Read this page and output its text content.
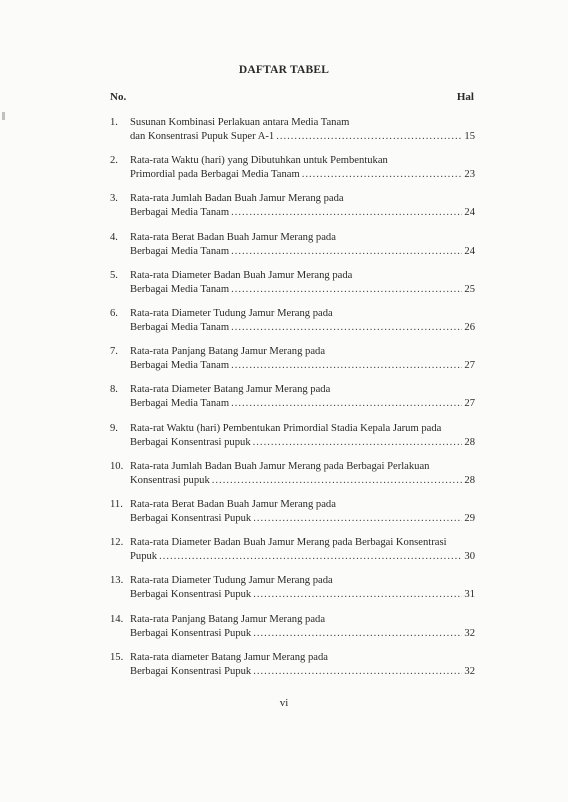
DAFTAR TABEL
No.	Hal
1.	Susunan Kombinasi Perlakuan antara Media Tanam
dan Konsentrasi Pupuk Super A-1 .....	15
2.	Rata-rata Waktu (hari) yang Dibutuhkan untuk Pembentukan
Primordial pada Berbagai Media Tanam .....	23
3.	Rata-rata Jumlah Badan Buah Jamur Merang pada
Berbagai Media Tanam .....	24
4.	Rata-rata Berat Badan Buah Jamur Merang pada
Berbagai Media Tanam .....	24
5.	Rata-rata Diameter Badan Buah Jamur Merang pada
Berbagai Media Tanam .....	25
6.	Rata-rata Diameter Tudung Jamur Merang pada
Berbagai Media Tanam .....	26
7.	Rata-rata Panjang Batang Jamur Merang pada
Berbagai Media Tanam .....	27
8.	Rata-rata Diameter Batang Jamur Merang pada
Berbagai Media Tanam .....	27
9.	Rata-rat Waktu (hari) Pembentukan Primordial Stadia Kepala Jarum pada
Berbagai Konsentrasi pupuk .....	28
10. Rata-rata Jumlah Badan Buah Jamur Merang pada Berbagai Perlakuan
Konsentrasi pupuk .....	28
11. Rata-rata Berat Badan Buah Jamur Merang pada
Berbagai Konsentrasi Pupuk .....	29
12. Rata-rata Diameter Badan Buah Jamur Merang pada Berbagai Konsentrasi
Pupuk .....	30
13. Rata-rata Diameter Tudung Jamur Merang pada
Berbagai Konsentrasi Pupuk .....	31
14. Rata-rata Panjang Batang Jamur Merang pada
Berbagai Konsentrasi Pupuk .....	32
15. Rata-rata diameter Batang Jamur Merang pada
Berbagai Konsentrasi Pupuk .....	32
vi
